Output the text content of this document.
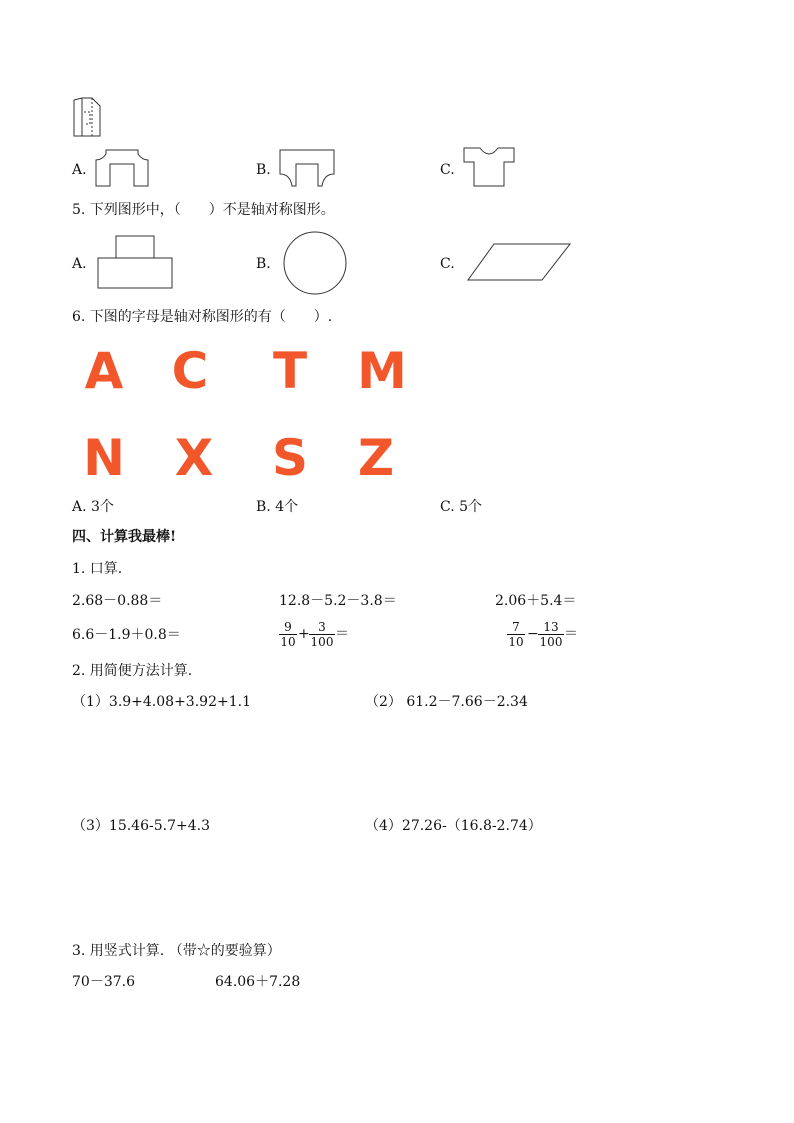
A.	B.	C.
5. 下列图形中，（　　）不是轴对称图形。
A.	B.	C.
6. 下图的字母是轴对称图形的有（　　）.
A C T M
N X S Z
A. 3个	B. 4个	C. 5个
四、计算我最棒!
1. 口算.
2.68－0.88＝	12.8－5.2－3.8＝	2.06＋5.4＝
6.6－1.9＋0.8＝	$\frac{9}{10} + \frac{3}{100}$ ＝	$\frac{7}{10} - \frac{13}{100}$ ＝
2. 用简便方法计算.
（1）3.9+4.08+3.92+1.1	（2） 61.2－7.66－2.34
（3）15.46-5.7+4.3	（4）27.26-（16.8-2.74）
3. 用竖式计算. （带☆的要验算）
70－37.6	64.06＋7.28
